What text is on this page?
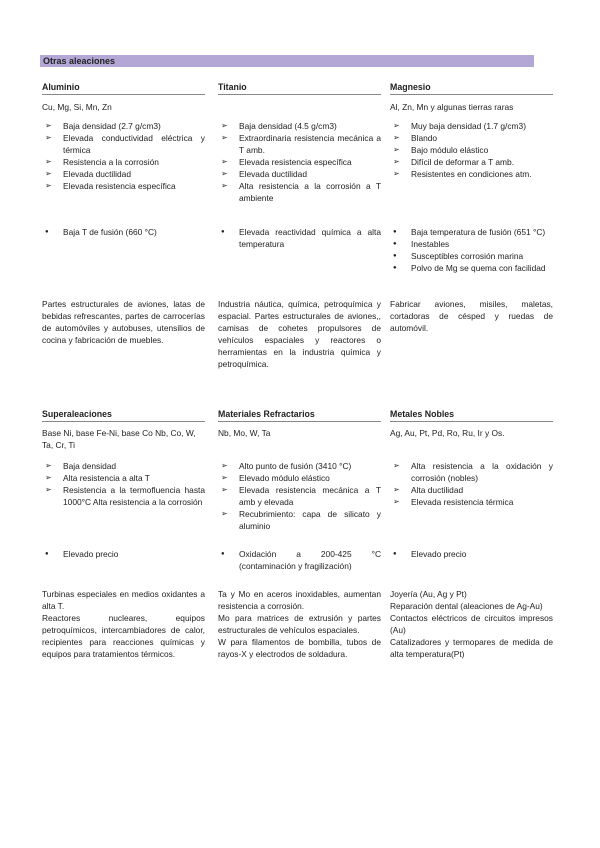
Otras aleaciones
Aluminio
Cu, Mg, Si, Mn, Zn
➢ Baja densidad (2.7 g/cm3)
➢ Elevada conductividad eléctrica y térmica
➢ Resistencia a la corrosión
➢ Elevada ductilidad
➢ Elevada resistencia específica
● Baja T de fusión (660 °C)
Partes estructurales de aviones, latas de bebidas refrescantes, partes de carrocerías de automóviles y autobuses, utensilios de cocina y fabricación de muebles.
Titanio
➢ Baja densidad (4.5 g/cm3)
➢ Extraordinaria resistencia mecánica a T amb.
➢ Elevada resistencia específica
➢ Elevada ductilidad
➢ Alta resistencia a la corrosión a T ambiente
● Elevada reactividad química a alta temperatura
Industria náutica, química, petroquímica y espacial. Partes estructurales de aviones,, camisas de cohetes propulsores de vehículos espaciales y reactores o herramientas en la industria química y petroquímica.
Magnesio
Al, Zn, Mn y algunas tierras raras
➢ Muy baja densidad (1.7 g/cm3)
➢ Blando
➢ Bajo módulo elástico
➢ Difícil de deformar a T amb.
➢ Resistentes en condiciones atm.
● Baja temperatura de fusión (651 °C)
● Inestables
● Susceptibles corrosión marina
● Polvo de Mg se quema con facilidad
Fabricar aviones, misiles, maletas, cortadoras de césped y ruedas de automóvil.
Superaleaciones
Base Ni, base Fe-Ni, base Co Nb, Co, W, Ta, Cr, Ti
➢ Baja densidad
➢ Alta resistencia a alta T
➢ Resistencia a la termofluencia hasta 1000°C Alta resistencia a la corrosión
● Elevado precio
Turbinas especiales en medios oxidantes a alta T.
Reactores nucleares, equipos petroquímicos, intercambiadores de calor, recipientes para reacciones químicas y equipos para tratamientos térmicos.
Materiales Refractarios
Nb, Mo, W, Ta
➢ Alto punto de fusión (3410 °C)
➢ Elevado módulo elástico
➢ Elevada resistencia mecánica a T amb y elevada
➢ Recubrimiento: capa de silicato y aluminio
● Oxidación a 200-425 °C (contaminación y fragilización)
Ta y Mo en aceros inoxidables, aumentan resistencia a corrosión.
Mo para matrices de extrusión y partes estructurales de vehículos espaciales.
W para filamentos de bombilla, tubos de rayos-X y electrodos de soldadura.
Metales Nobles
Ag, Au, Pt, Pd, Ro, Ru, Ir y Os.
➢ Alta resistencia a la oxidación y corrosión (nobles)
➢ Alta ductilidad
➢ Elevada resistencia térmica
● Elevado precio
Joyería (Au, Ag y Pt)
Reparación dental (aleaciones de Ag-Au)
Contactos eléctricos de circuitos impresos (Au)
Catalizadores y termopares de medida de alta temperatura(Pt)
